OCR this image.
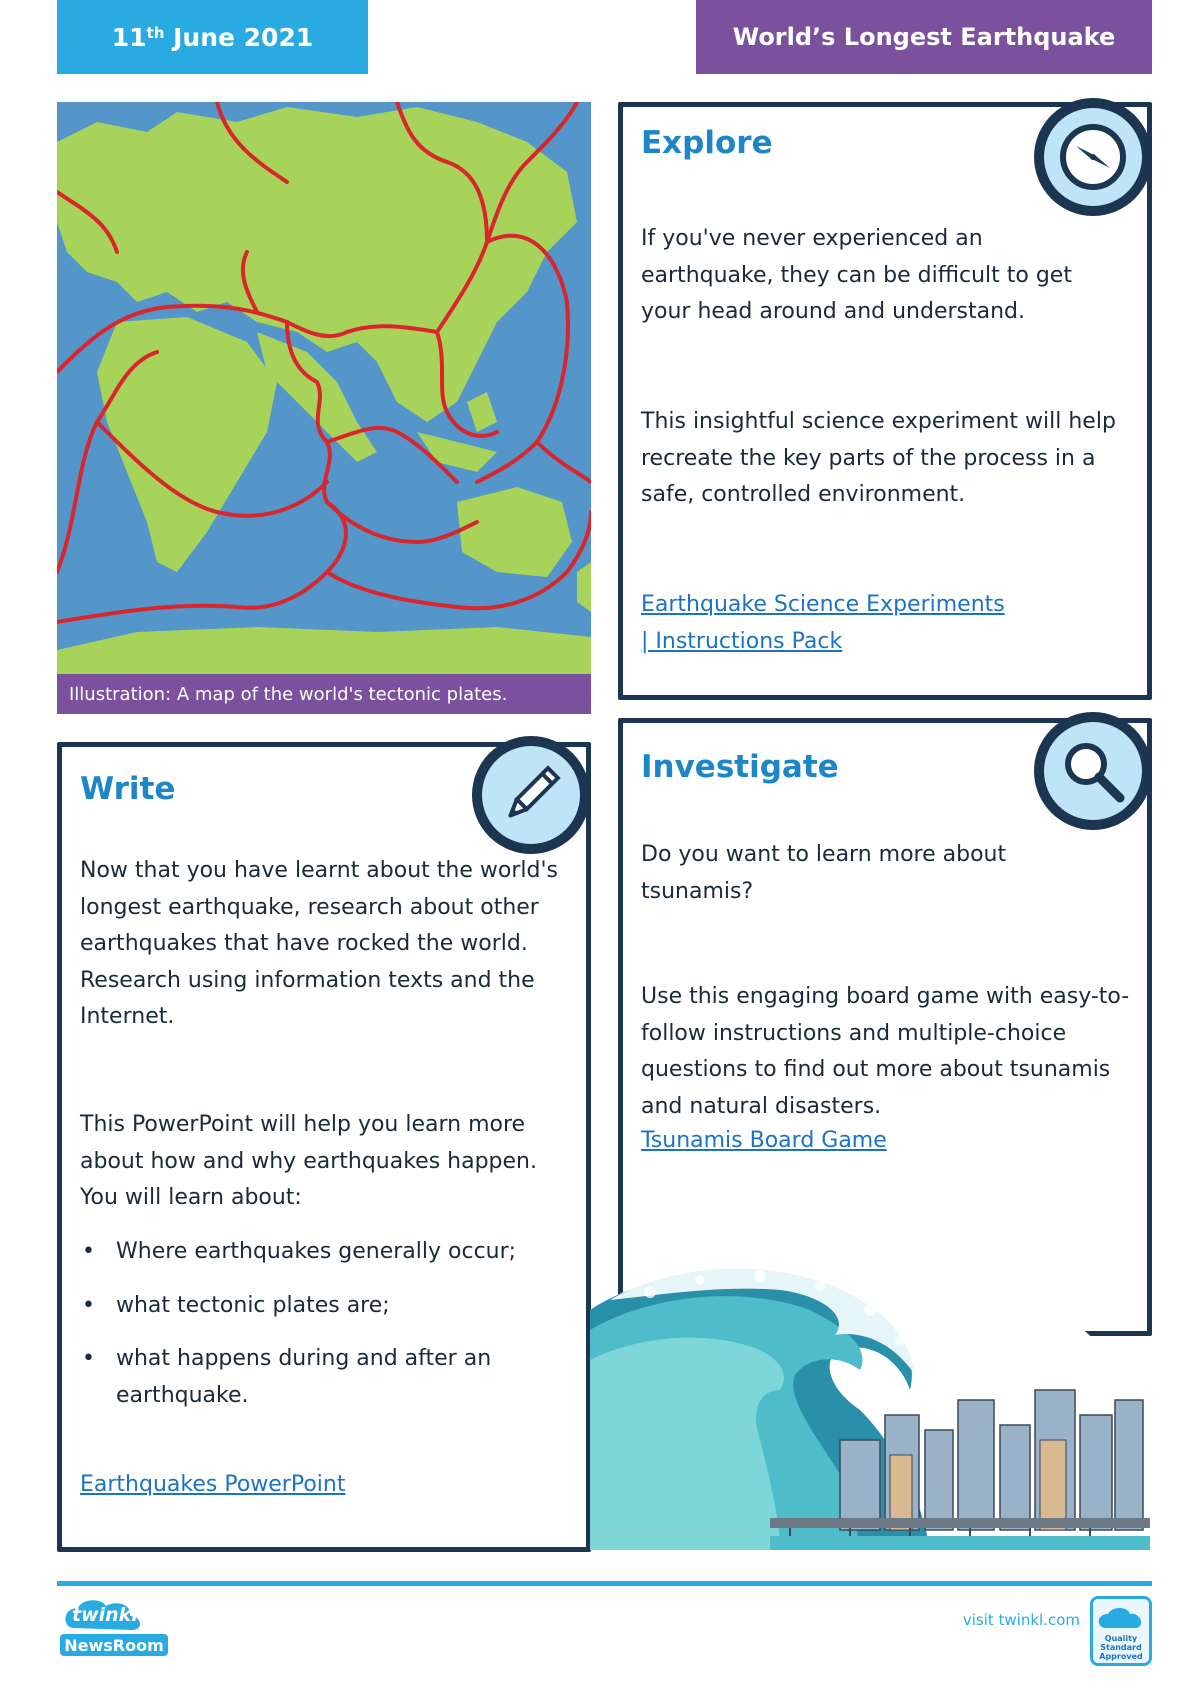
11th June 2021	World’s Longest Earthquake
Illustration: A map of the world's tectonic plates.
Explore

If you've never experienced an earthquake, they can be difficult to get your head around and understand.

This insightful science experiment will help recreate the key parts of the process in a safe, controlled environment.

Earthquake Science Experiments
| Instructions Pack

Write

Now that you have learnt about the world's longest earthquake, research about other earthquakes that have rocked the world. Research using information texts and the Internet.

This PowerPoint will help you learn more about how and why earthquakes happen. You will learn about:

• Where earthquakes generally occur;
• what tectonic plates are;
• what happens during and after an earthquake.

Earthquakes PowerPoint

Investigate

Do you want to learn more about tsunamis?

Use this engaging board game with easy-to-follow instructions and multiple-choice questions to find out more about tsunamis and natural disasters.

Tsunamis Board Game

twinkl
NewsRoom
visit twinkl.com
Quality Standard Approved
